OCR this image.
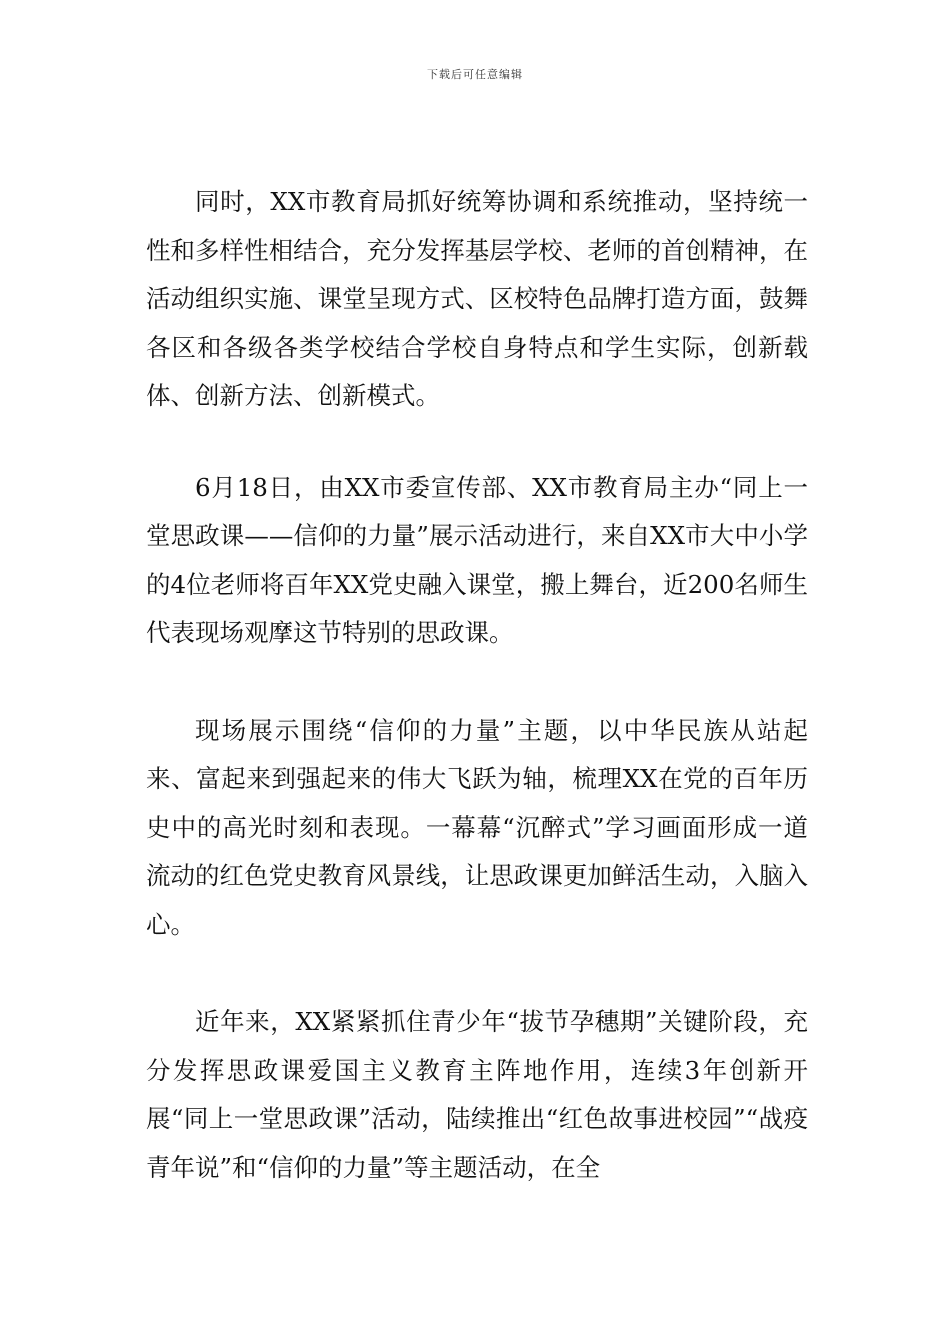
下载后可任意编辑

同时，XX市教育局抓好统筹协调和系统推动，坚持统一性和多样性相结合，充分发挥基层学校、老师的首创精神，在活动组织实施、课堂呈现方式、区校特色品牌打造方面，鼓舞各区和各级各类学校结合学校自身特点和学生实际，创新载体、创新方法、创新模式。

6月18日，由XX市委宣传部、XX市教育局主办“同上一堂思政课——信仰的力量”展示活动进行，来自XX市大中小学的4位老师将百年XX党史融入课堂，搬上舞台，近200名师生代表现场观摩这节特别的思政课。

现场展示围绕“信仰的力量”主题，以中华民族从站起来、富起来到强起来的伟大飞跃为轴，梳理XX在党的百年历史中的高光时刻和表现。一幕幕“沉醉式”学习画面形成一道流动的红色党史教育风景线，让思政课更加鲜活生动，入脑入心。

近年来，XX紧紧抓住青少年“拔节孕穗期”关键阶段，充分发挥思政课爱国主义教育主阵地作用，连续3年创新开展“同上一堂思政课”活动，陆续推出“红色故事进校园”“战疫青年说”和“信仰的力量”等主题活动，在全
